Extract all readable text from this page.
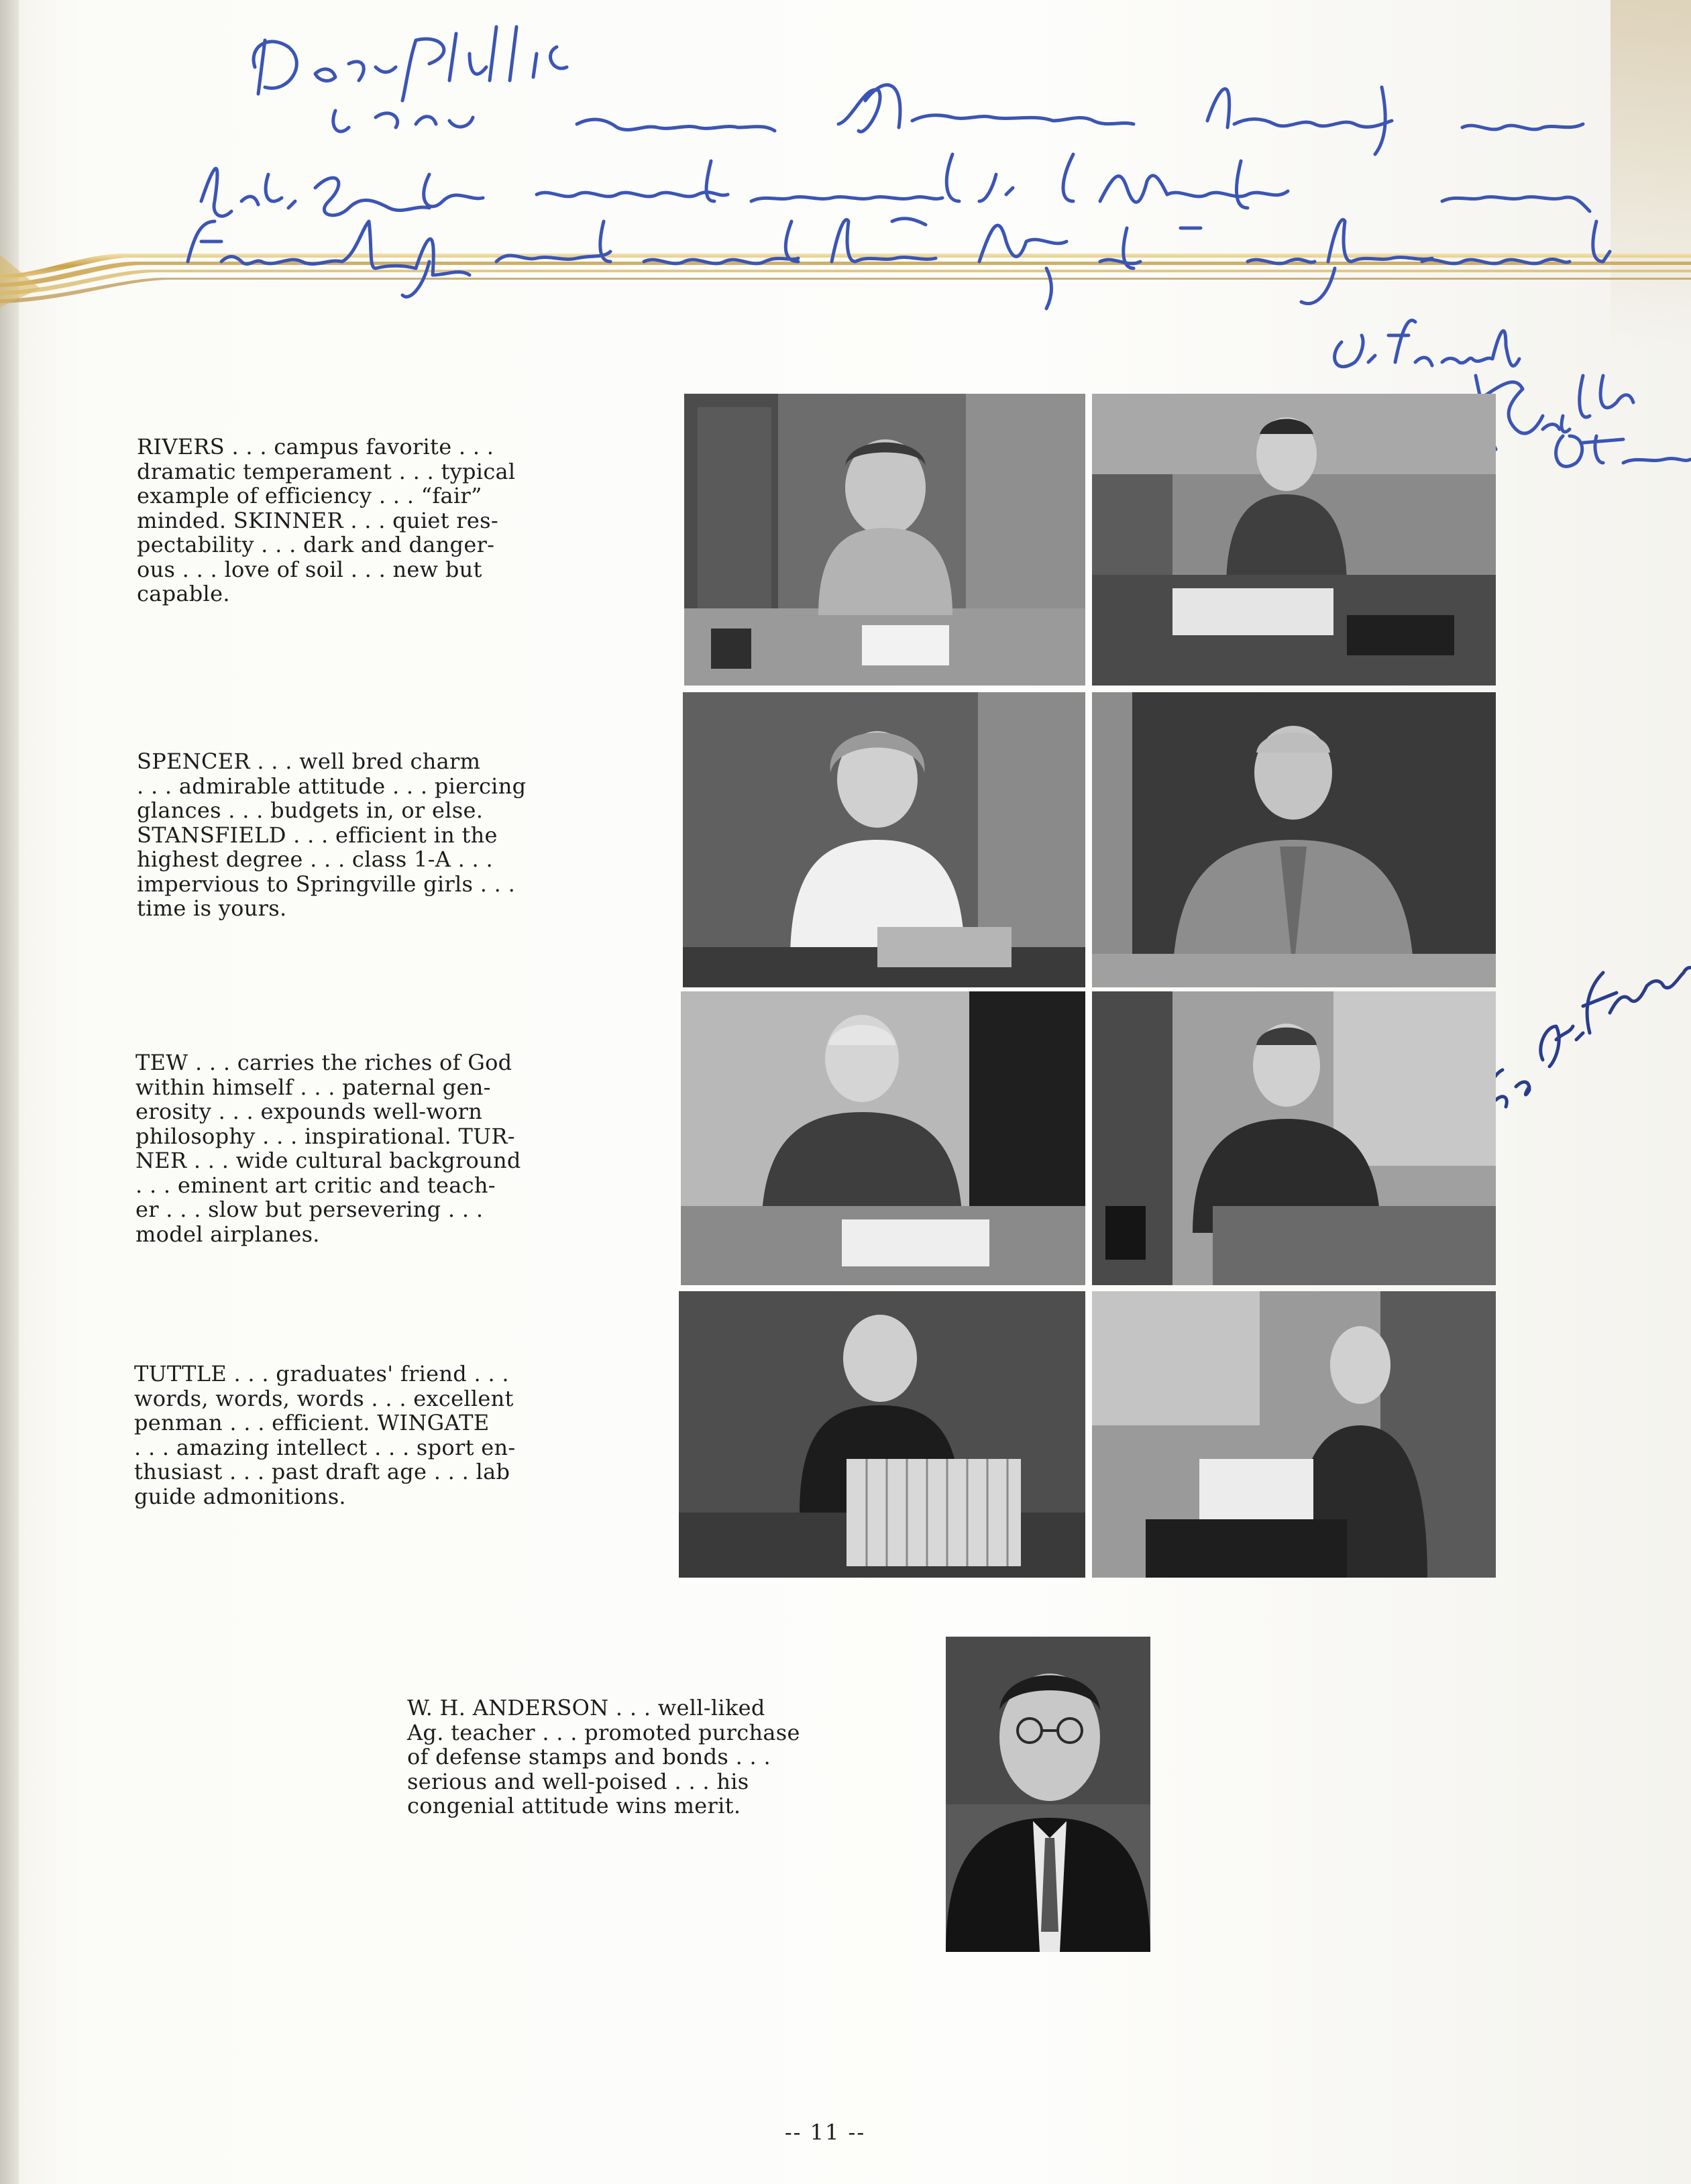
RIVERS . . . campus favorite . . .
dramatic temperament . . . typical
example of efficiency . . . “fair”
minded. SKINNER . . . quiet res-
pectability . . . dark and danger-
ous . . . love of soil . . . new but
capable.

SPENCER . . . well bred charm
. . . admirable attitude . . . piercing
glances . . . budgets in, or else.
STANSFIELD . . . efficient in the
highest degree . . . class 1-A . . .
impervious to Springville girls . . .
time is yours.

TEW . . . carries the riches of God
within himself . . . paternal gen-
erosity . . . expounds well-worn
philosophy . . . inspirational. TUR-
NER . . . wide cultural background
. . . eminent art critic and teach-
er . . . slow but persevering . . .
model airplanes.

TUTTLE . . . graduates' friend . . .
words, words, words . . . excellent
penman . . . efficient. WINGATE
. . . amazing intellect . . . sport en-
thusiast . . . past draft age . . . lab
guide admonitions.

W. H. ANDERSON . . . well-liked
Ag. teacher . . . promoted purchase
of defense stamps and bonds . . .
serious and well-poised . . . his
congenial attitude wins merit.

-- 11 --
